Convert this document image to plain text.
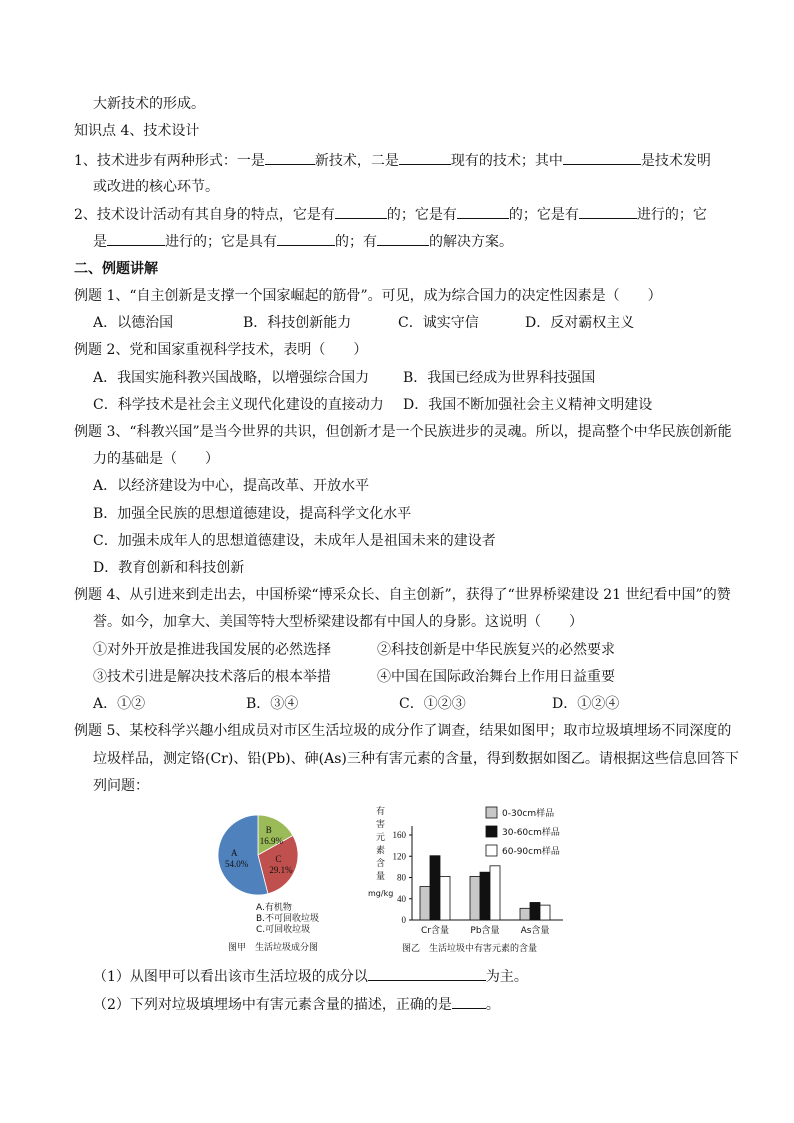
大新技术的形成。
知识点 4、技术设计
1、技术进步有两种形式：一是	新技术，二是	现有的技术；其中	是技术发明
或改进的核心环节。
2、技术设计活动有其自身的特点，它是有	的；它是有	的；它是有	进行的；它
是	进行的；它是具有	的；有	的解决方案。
二、例题讲解
例题 1、“自主创新是支撑一个国家崛起的筋骨”。可见，成为综合国力的决定性因素是（　　）
A．以德治国	B．科技创新能力	C．诚实守信	D．反对霸权主义
例题 2、党和国家重视科学技术，表明（　　）
A．我国实施科教兴国战略，以增强综合国力 B．我国已经成为世界科技强国
C．科学技术是社会主义现代化建设的直接动力 D．我国不断加强社会主义精神文明建设
例题 3、“科教兴国”是当今世界的共识，但创新才是一个民族进步的灵魂。所以，提高整个中华民族创新能
力的基础是（　　）
A．以经济建设为中心，提高改革、开放水平
B．加强全民族的思想道德建设，提高科学文化水平
C．加强未成年人的思想道德建设，未成年人是祖国未来的建设者
D．教育创新和科技创新
例题 4、从引进来到走出去，中国桥梁“博采众长、自主创新”，获得了“世界桥梁建设 21 世纪看中国”的赞
誉。如今，加拿大、美国等特大型桥梁建设都有中国人的身影。这说明（　　）
①对外开放是推进我国发展的必然选择	②科技创新是中华民族复兴的必然要求
③技术引进是解决技术落后的根本举措	④中国在国际政治舞台上作用日益重要
A．①②	B．③④	C．①②③	D．①②④
例题 5、某校科学兴趣小组成员对市区生活垃圾的成分作了调查，结果如图甲；取市垃圾填埋场不同深度的
垃圾样品，测定铬(Cr)、铅(Pb)、砷(As)三种有害元素的含量，得到数据如图乙。请根据这些信息回答下
列问题：
B
16.9%
C
29.1%
A
54.0%
A.有机物
B.不可回收垃圾
C.可回收垃圾
图甲　生活垃圾成分图
有
害
元
素
含
量
mg/kg
0
40
80
120
160
Cr含量 Pb含量 As含量
0-30cm样品
30-60cm样品
60-90cm样品
图乙　生活垃圾中有害元素的含量
（1）从图甲可以看出该市生活垃圾的成分以	为主。
（2）下列对垃圾填埋场中有害元素含量的描述，正确的是 。
